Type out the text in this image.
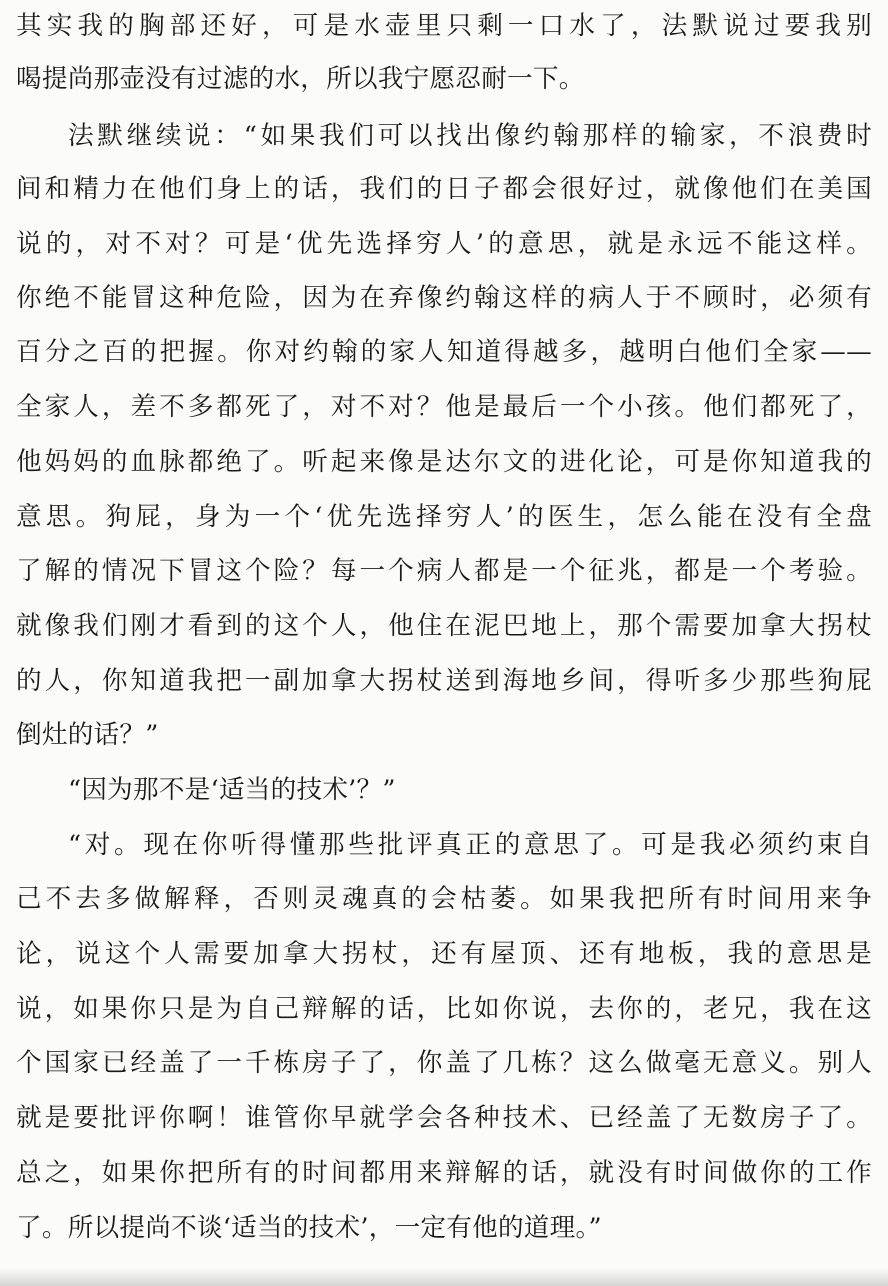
其实我的胸部还好，可是水壶里只剩一口水了，法默说过要我别
喝提尚那壶没有过滤的水，所以我宁愿忍耐一下。
法默继续说：“如果我们可以找出像约翰那样的输家，不浪费时
间和精力在他们身上的话，我们的日子都会很好过，就像他们在美国
说的，对不对？可是‘优先选择穷人’的意思，就是永远不能这样。
你绝不能冒这种危险，因为在弃像约翰这样的病人于不顾时，必须有
百分之百的把握。你对约翰的家人知道得越多，越明白他们全家——
全家人，差不多都死了，对不对？他是最后一个小孩。他们都死了，
他妈妈的血脉都绝了。听起来像是达尔文的进化论，可是你知道我的
意思。狗屁，身为一个‘优先选择穷人’的医生，怎么能在没有全盘
了解的情况下冒这个险？每一个病人都是一个征兆，都是一个考验。
就像我们刚才看到的这个人，他住在泥巴地上，那个需要加拿大拐杖
的人，你知道我把一副加拿大拐杖送到海地乡间，得听多少那些狗屁
倒灶的话？”
“因为那不是‘适当的技术’？”
“对。现在你听得懂那些批评真正的意思了。可是我必须约束自
己不去多做解释，否则灵魂真的会枯萎。如果我把所有时间用来争
论，说这个人需要加拿大拐杖，还有屋顶、还有地板，我的意思是
说，如果你只是为自己辩解的话，比如你说，去你的，老兄，我在这
个国家已经盖了一千栋房子了，你盖了几栋？这么做毫无意义。别人
就是要批评你啊！谁管你早就学会各种技术、已经盖了无数房子了。
总之，如果你把所有的时间都用来辩解的话，就没有时间做你的工作
了。所以提尚不谈‘适当的技术’，一定有他的道理。”
